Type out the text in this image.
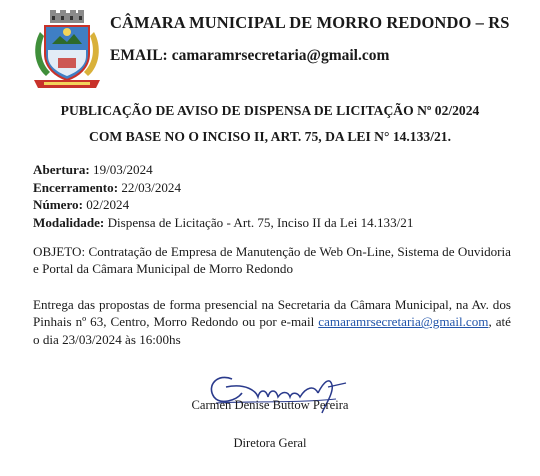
CÂMARA MUNICIPAL DE MORRO REDONDO – RS
EMAIL: camaramrsecretaria@gmail.com
PUBLICAÇÃO DE AVISO DE DISPENSA DE LICITAÇÃO Nº 02/2024
COM BASE NO O INCISO II, ART. 75, DA LEI N° 14.133/21.
Abertura: 19/03/2024
Encerramento: 22/03/2024
Número: 02/2024
Modalidade: Dispensa de Licitação - Art. 75, Inciso II da Lei 14.133/21
OBJETO: Contratação de Empresa de Manutenção de Web On-Line, Sistema de Ouvidoria e Portal da Câmara Municipal de Morro Redondo
Entrega das propostas de forma presencial na Secretaria da Câmara Municipal, na Av. dos Pinhais nº 63, Centro, Morro Redondo ou por e-mail camaramrsecretaria@gmail.com, até o dia 23/03/2024 às 16:00hs
Carmen Denise Buttow Pereira
Diretora Geral
